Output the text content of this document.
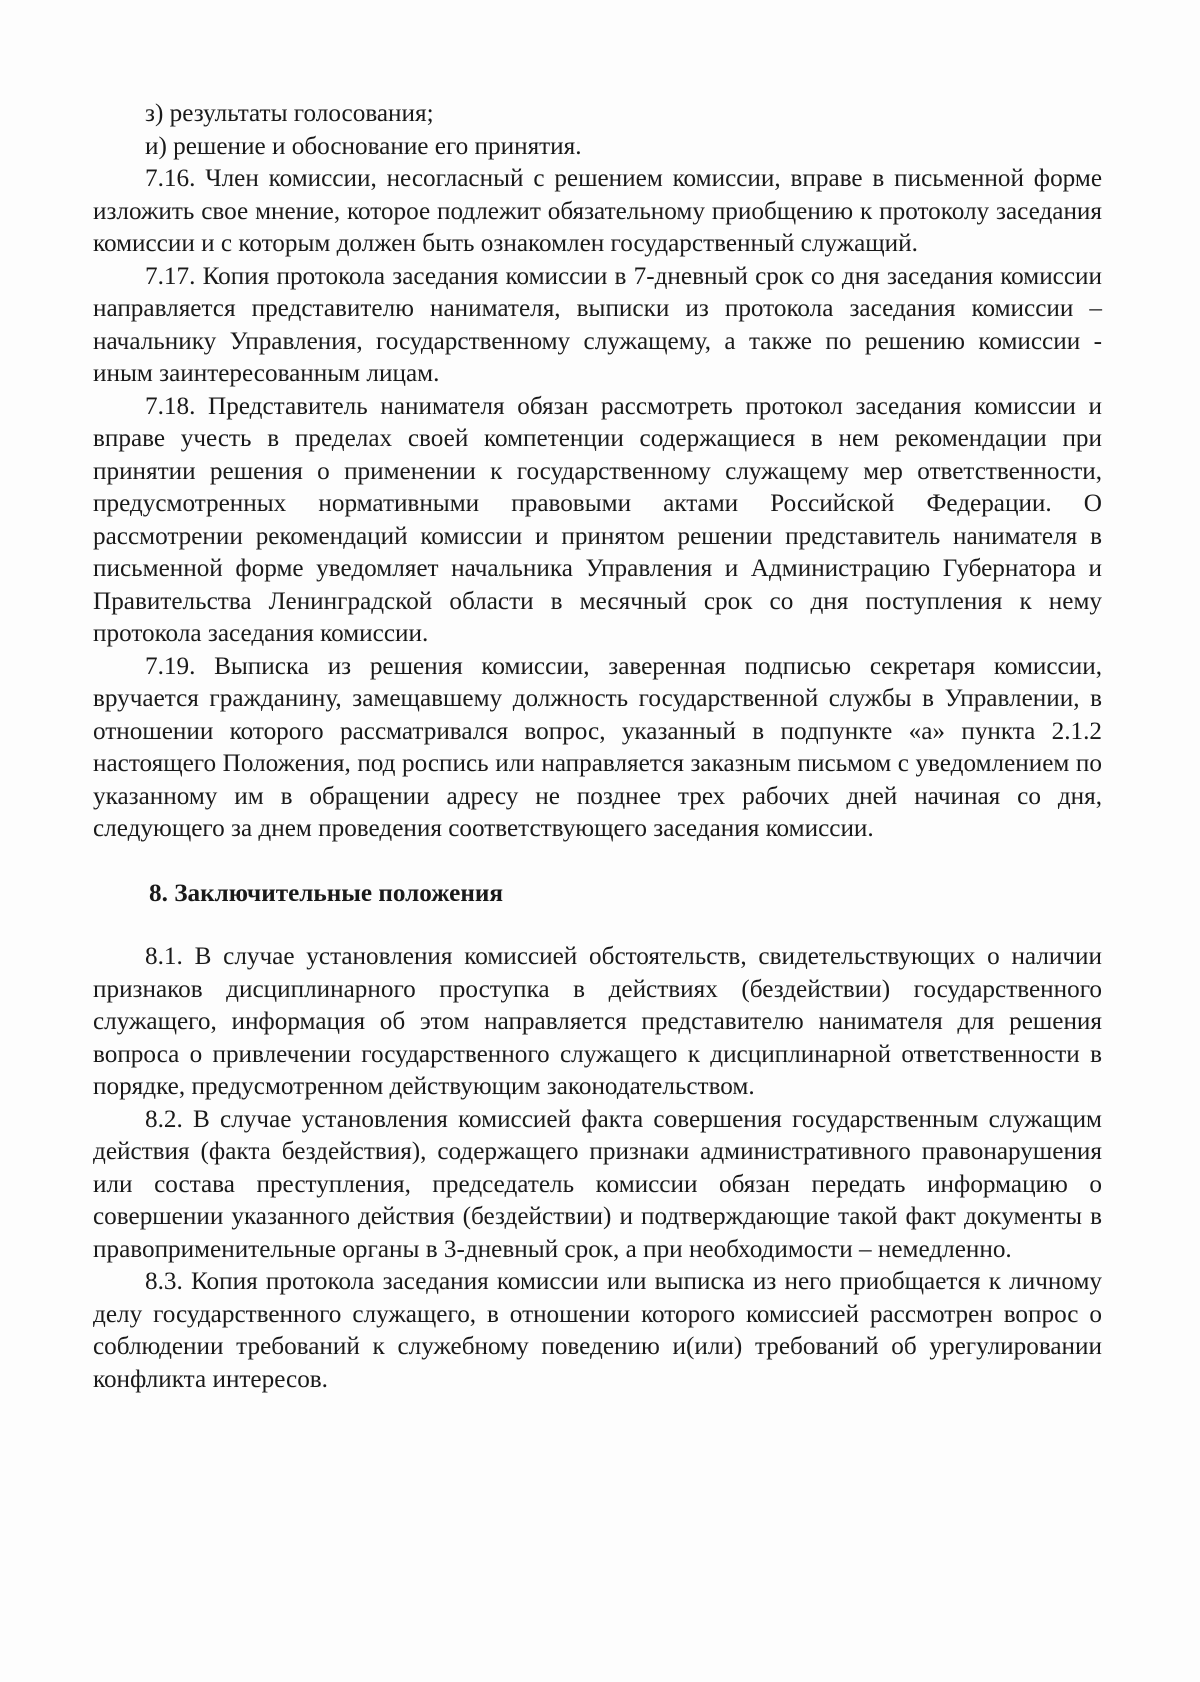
з) результаты голосования;

и) решение и обоснование его принятия.

7.16. Член комиссии, несогласный с решением комиссии, вправе в письменной форме изложить свое мнение, которое подлежит обязательному приобщению к протоколу заседания комиссии и с которым должен быть ознакомлен государственный служащий.

7.17. Копия протокола заседания комиссии в 7-дневный срок со дня заседания комиссии направляется представителю нанимателя, выписки из протокола заседания комиссии – начальнику Управления, государственному служащему, а также по решению комиссии - иным заинтересованным лицам.

7.18. Представитель нанимателя обязан рассмотреть протокол заседания комиссии и вправе учесть в пределах своей компетенции содержащиеся в нем рекомендации при принятии решения о применении к государственному служащему мер ответственности, предусмотренных нормативными правовыми актами Российской Федерации. О рассмотрении рекомендаций комиссии и принятом решении представитель нанимателя в письменной форме уведомляет начальника Управления и Администрацию Губернатора и Правительства Ленинградской области в месячный срок со дня поступления к нему протокола заседания комиссии.

7.19. Выписка из решения комиссии, заверенная подписью секретаря комиссии, вручается гражданину, замещавшему должность государственной службы в Управлении, в отношении которого рассматривался вопрос, указанный в подпункте «а» пункта 2.1.2 настоящего Положения, под роспись или направляется заказным письмом с уведомлением по указанному им в обращении адресу не позднее трех рабочих дней начиная со дня, следующего за днем проведения соответствующего заседания комиссии.

8. Заключительные положения

8.1. В случае установления комиссией обстоятельств, свидетельствующих о наличии признаков дисциплинарного проступка в действиях (бездействии) государственного служащего, информация об этом направляется представителю нанимателя для решения вопроса о привлечении государственного служащего к дисциплинарной ответственности в порядке, предусмотренном действующим законодательством.

8.2. В случае установления комиссией факта совершения государственным служащим действия (факта бездействия), содержащего признаки административного правонарушения или состава преступления, председатель комиссии обязан передать информацию о совершении указанного действия (бездействии) и подтверждающие такой факт документы в правоприменительные органы в 3-дневный срок, а при необходимости – немедленно.

8.3. Копия протокола заседания комиссии или выписка из него приобщается к личному делу государственного служащего, в отношении которого комиссией рассмотрен вопрос о соблюдении требований к служебному поведению и(или) требований об урегулировании конфликта интересов.
